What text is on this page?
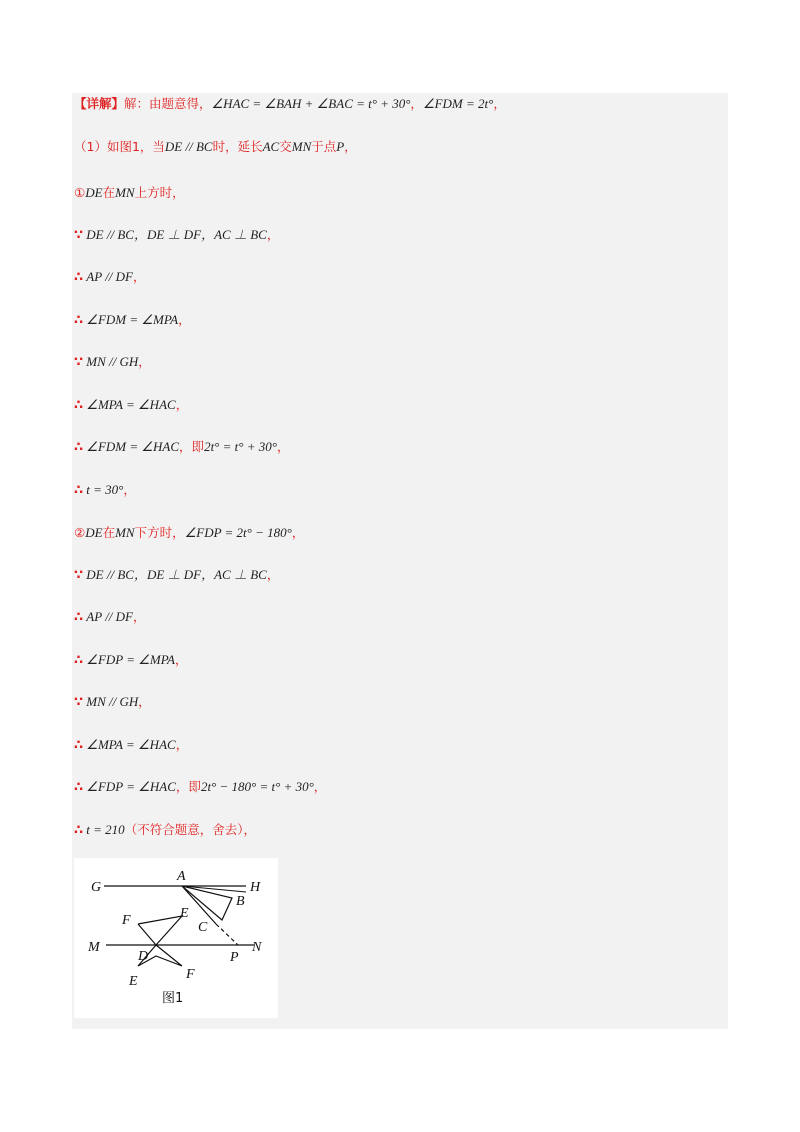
【详解】解：由题意得，∠HAC = ∠BAH + ∠BAC = t° + 30°，∠FDM = 2t°，
（1）如图1，当DE // BC时，延长AC交MN于点P，
①DE在MN上方时，
∵ DE // BC，DE ⊥ DF，AC ⊥ BC，
∴ AP // DF，
∴ ∠FDM = ∠MPA，
∵ MN // GH，
∴ ∠MPA = ∠HAC，
∴ ∠FDM = ∠HAC，即2t° = t° + 30°，
∴ t = 30°，
②DE在MN下方时，∠FDP = 2t° − 180°，
∵ DE // BC，DE ⊥ DF，AC ⊥ BC，
∴ AP // DF，
∴ ∠FDP = ∠MPA，
∵ MN // GH，
∴ ∠MPA = ∠HAC，
∴ ∠FDP = ∠HAC，即2t° − 180° = t° + 30°，
∴ t = 210（不符合题意，舍去），
G
A
H
B
F	E
C
M	N
D	P
E	F
图1
